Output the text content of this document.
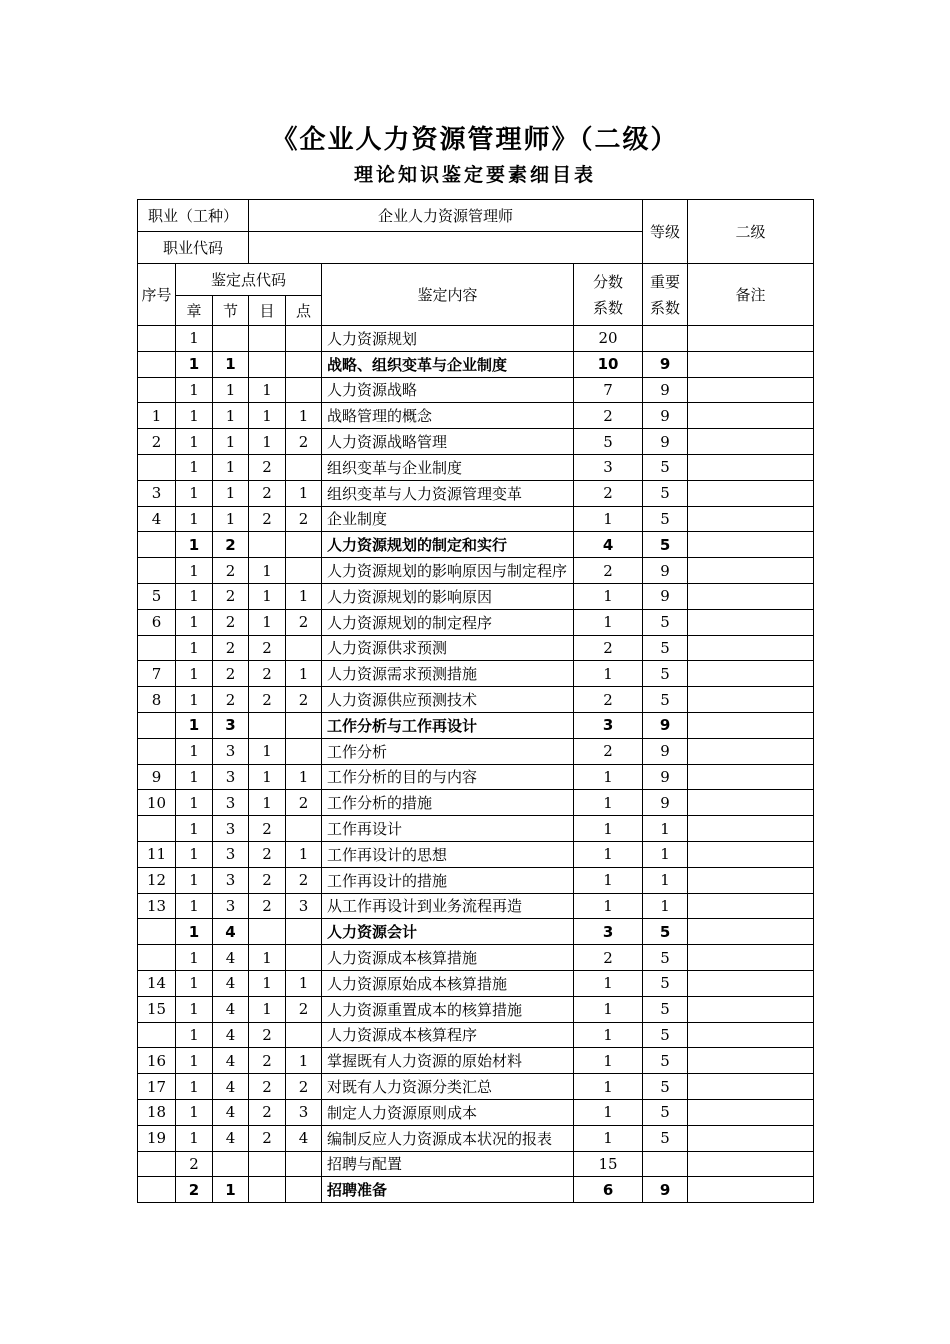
《企业人力资源管理师》（二级）
理论知识鉴定要素细目表
职业（工种）			企业人力资源管理师				等级	二级
职业代码								
序号	鉴定点代码				鉴定内容	分数系数	重要系数	备注
	章	节	目	点				
	1				人力资源规划	20		
	1	1			战略、组织变革与企业制度	10	9	
	1	1	1		人力资源战略	7	9	
1	1	1	1	1	战略管理的概念	2	9	
2	1	1	1	2	人力资源战略管理	5	9	
	1	1	2		组织变革与企业制度	3	5	
3	1	1	2	1	组织变革与人力资源管理变革	2	5	
4	1	1	2	2	企业制度	1	5	
	1	2			人力资源规划的制定和实行	4	5	
	1	2	1		人力资源规划的影响原因与制定程序	2	9	
5	1	2	1	1	人力资源规划的影响原因	1	9	
6	1	2	1	2	人力资源规划的制定程序	1	5	
	1	2	2		人力资源供求预测	2	5	
7	1	2	2	1	人力资源需求预测措施	1	5	
8	1	2	2	2	人力资源供应预测技术	2	5	
	1	3			工作分析与工作再设计	3	9	
	1	3	1		工作分析	2	9	
9	1	3	1	1	工作分析的目的与内容	1	9	
10	1	3	1	2	工作分析的措施	1	9	
	1	3	2		工作再设计	1	1	
11	1	3	2	1	工作再设计的思想	1	1	
12	1	3	2	2	工作再设计的措施	1	1	
13	1	3	2	3	从工作再设计到业务流程再造	1	1	
	1	4			人力资源会计	3	5	
	1	4	1		人力资源成本核算措施	2	5	
14	1	4	1	1	人力资源原始成本核算措施	1	5	
15	1	4	1	2	人力资源重置成本的核算措施	1	5	
	1	4	2		人力资源成本核算程序	1	5	
16	1	4	2	1	掌握既有人力资源的原始材料	1	5	
17	1	4	2	2	对既有人力资源分类汇总	1	5	
18	1	4	2	3	制定人力资源原则成本	1	5	
19	1	4	2	4	编制反应人力资源成本状况的报表	1	5	
	2				招聘与配置	15		
	2	1			招聘准备	6	9	
